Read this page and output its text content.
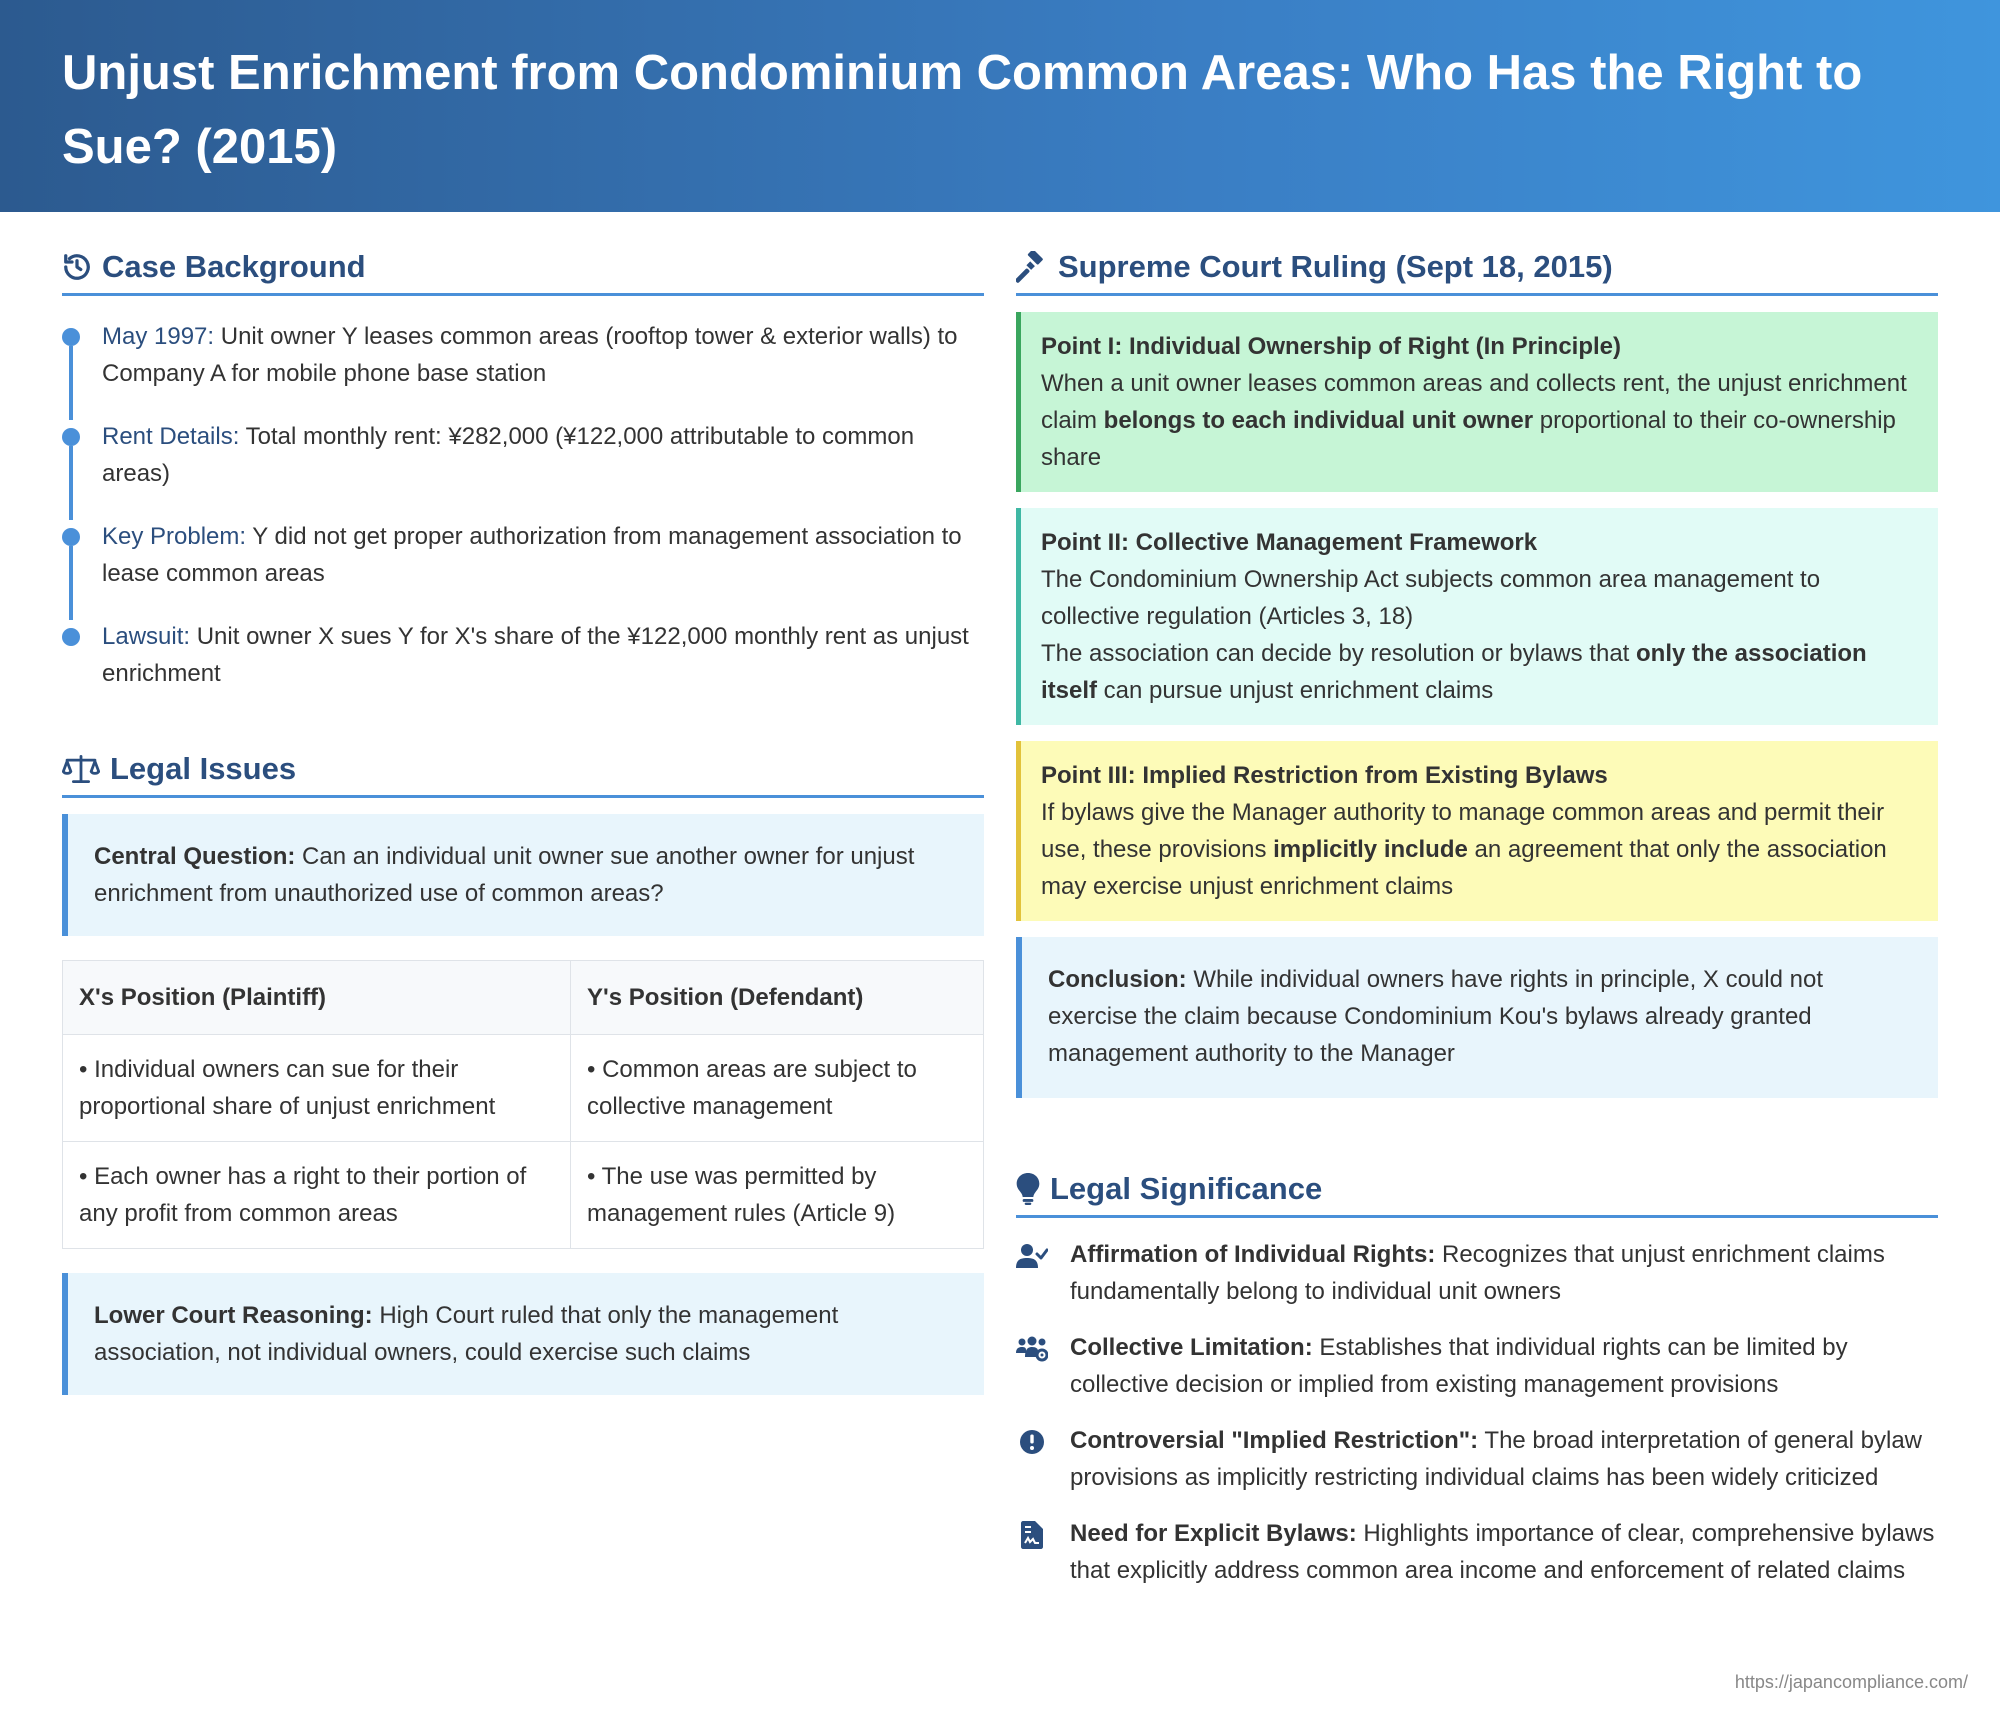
Unjust Enrichment from Condominium Common Areas: Who Has the Right to Sue? (2015)
Case Background
May 1997: Unit owner Y leases common areas (rooftop tower & exterior walls) to Company A for mobile phone base station
Rent Details: Total monthly rent: ¥282,000 (¥122,000 attributable to common areas)
Key Problem: Y did not get proper authorization from management association to lease common areas
Lawsuit: Unit owner X sues Y for X's share of the ¥122,000 monthly rent as unjust enrichment
Legal Issues
Central Question: Can an individual unit owner sue another owner for unjust enrichment from unauthorized use of common areas?
X's Position (Plaintiff)	Y's Position (Defendant)
• Individual owners can sue for their proportional share of unjust enrichment	• Common areas are subject to collective management
• Each owner has a right to their portion of any profit from common areas	• The use was permitted by management rules (Article 9)
Lower Court Reasoning: High Court ruled that only the management association, not individual owners, could exercise such claims
Supreme Court Ruling (Sept 18, 2015)
Point I: Individual Ownership of Right (In Principle)
When a unit owner leases common areas and collects rent, the unjust enrichment claim belongs to each individual unit owner proportional to their co-ownership share
Point II: Collective Management Framework
The Condominium Ownership Act subjects common area management to collective regulation (Articles 3, 18)
The association can decide by resolution or bylaws that only the association itself can pursue unjust enrichment claims
Point III: Implied Restriction from Existing Bylaws
If bylaws give the Manager authority to manage common areas and permit their use, these provisions implicitly include an agreement that only the association may exercise unjust enrichment claims
Conclusion: While individual owners have rights in principle, X could not exercise the claim because Condominium Kou's bylaws already granted management authority to the Manager
Legal Significance
Affirmation of Individual Rights: Recognizes that unjust enrichment claims fundamentally belong to individual unit owners
Collective Limitation: Establishes that individual rights can be limited by collective decision or implied from existing management provisions
Controversial "Implied Restriction": The broad interpretation of general bylaw provisions as implicitly restricting individual claims has been widely criticized
Need for Explicit Bylaws: Highlights importance of clear, comprehensive bylaws that explicitly address common area income and enforcement of related claims
https://japancompliance.com/
